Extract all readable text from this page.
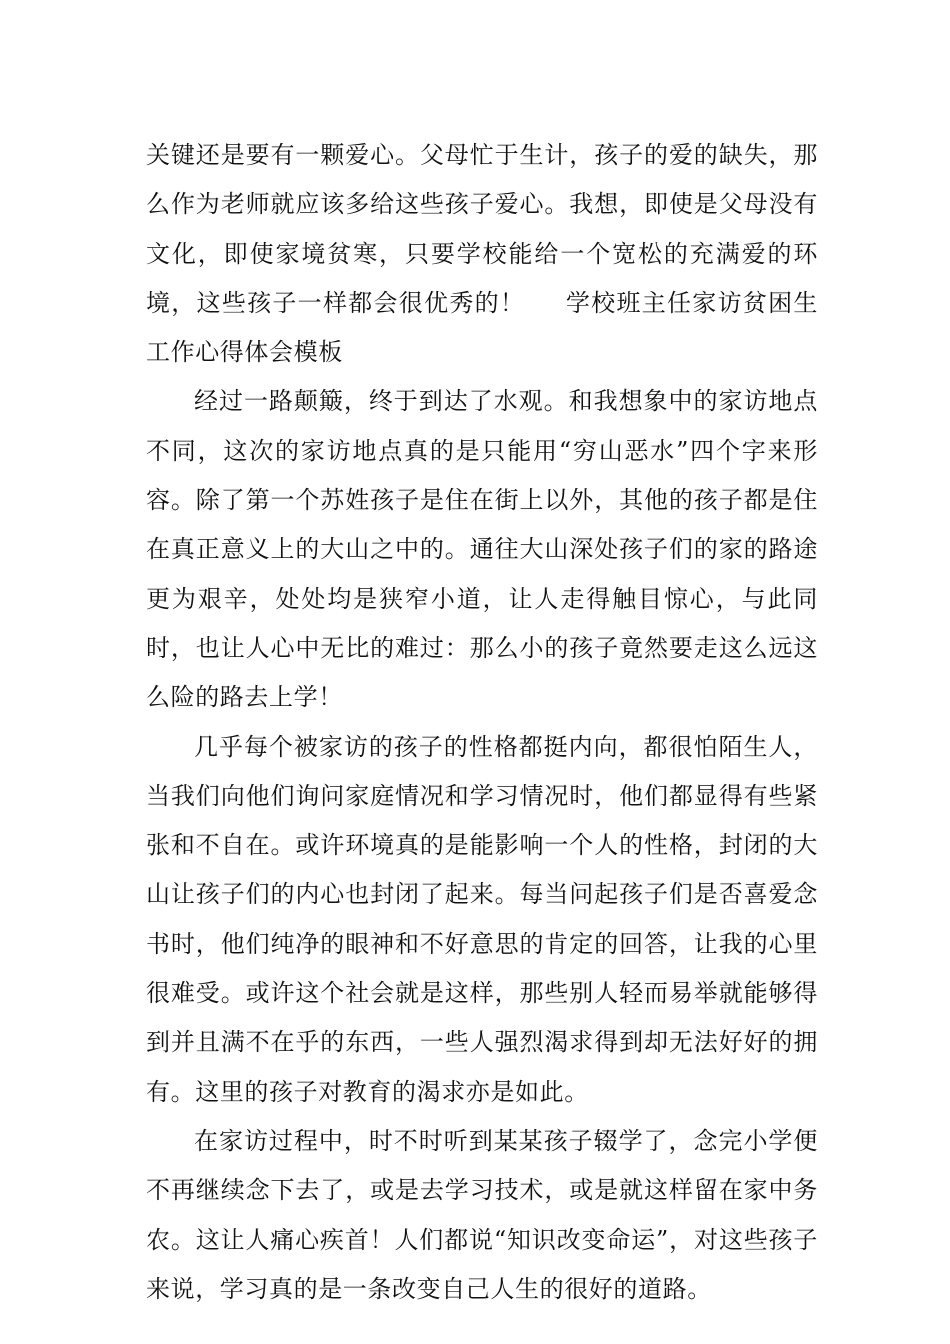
关键还是要有一颗爱心。父母忙于生计，孩子的爱的缺失，那么作为老师就应该多给这些孩子爱心。我想，即使是父母没有文化，即使家境贫寒，只要学校能给一个宽松的充满爱的环境，这些孩子一样都会很优秀的！ 学校班主任家访贫困生工作心得体会模板

经过一路颠簸，终于到达了水观。和我想象中的家访地点不同，这次的家访地点真的是只能用“穷山恶水”四个字来形容。除了第一个苏姓孩子是住在街上以外，其他的孩子都是住在真正意义上的大山之中的。通往大山深处孩子们的家的路途更为艰辛，处处均是狭窄小道，让人走得触目惊心，与此同时，也让人心中无比的难过：那么小的孩子竟然要走这么远这么险的路去上学！

几乎每个被家访的孩子的性格都挺内向，都很怕陌生人，当我们向他们询问家庭情况和学习情况时，他们都显得有些紧张和不自在。或许环境真的是能影响一个人的性格，封闭的大山让孩子们的内心也封闭了起来。每当问起孩子们是否喜爱念书时，他们纯净的眼神和不好意思的肯定的回答，让我的心里很难受。或许这个社会就是这样，那些别人轻而易举就能够得到并且满不在乎的东西，一些人强烈渴求得到却无法好好的拥有。这里的孩子对教育的渴求亦是如此。

在家访过程中，时不时听到某某孩子辍学了，念完小学便不再继续念下去了，或是去学习技术，或是就这样留在家中务农。这让人痛心疾首！人们都说“知识改变命运”，对这些孩子来说，学习真的是一条改变自己人生的很好的道路。
